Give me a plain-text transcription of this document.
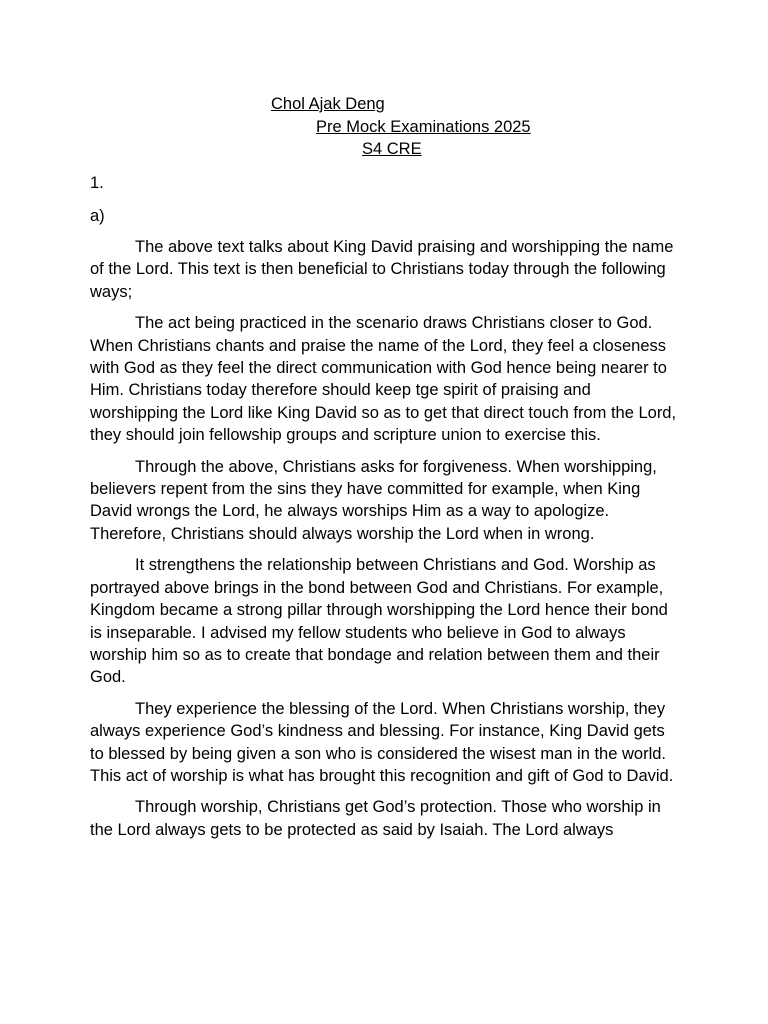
Chol Ajak Deng
Pre Mock Examinations 2025
S4 CRE
1.
a)

The above text talks about King David praising and worshipping the name of the Lord. This text is then beneficial to Christians today through the following ways;

The act being practiced in the scenario draws Christians closer to God. When Christians chants and praise the name of the Lord, they feel a closeness with God as they feel the direct communication with God hence being nearer to Him. Christians today therefore should keep tge spirit of praising and worshipping the Lord like King David so as to get that direct touch from the Lord, they should join fellowship groups and scripture union to exercise this.

Through the above, Christians asks for forgiveness. When worshipping, believers repent from the sins they have committed for example, when King David wrongs the Lord, he always worships Him as a way to apologize. Therefore, Christians should always worship the Lord when in wrong.

It strengthens the relationship between Christians and God. Worship as portrayed above brings in the bond between God and Christians. For example, Kingdom became a strong pillar through worshipping the Lord hence their bond is inseparable. I advised my fellow students who believe in God to always worship him so as to create that bondage and relation between them and their God.

They experience the blessing of the Lord. When Christians worship, they always experience God’s kindness and blessing. For instance, King David gets to blessed by being given a son who is considered the wisest man in the world. This act of worship is what has brought this recognition and gift of God to David.

Through worship, Christians get God’s protection. Those who worship in the Lord always gets to be protected as said by Isaiah. The Lord always
